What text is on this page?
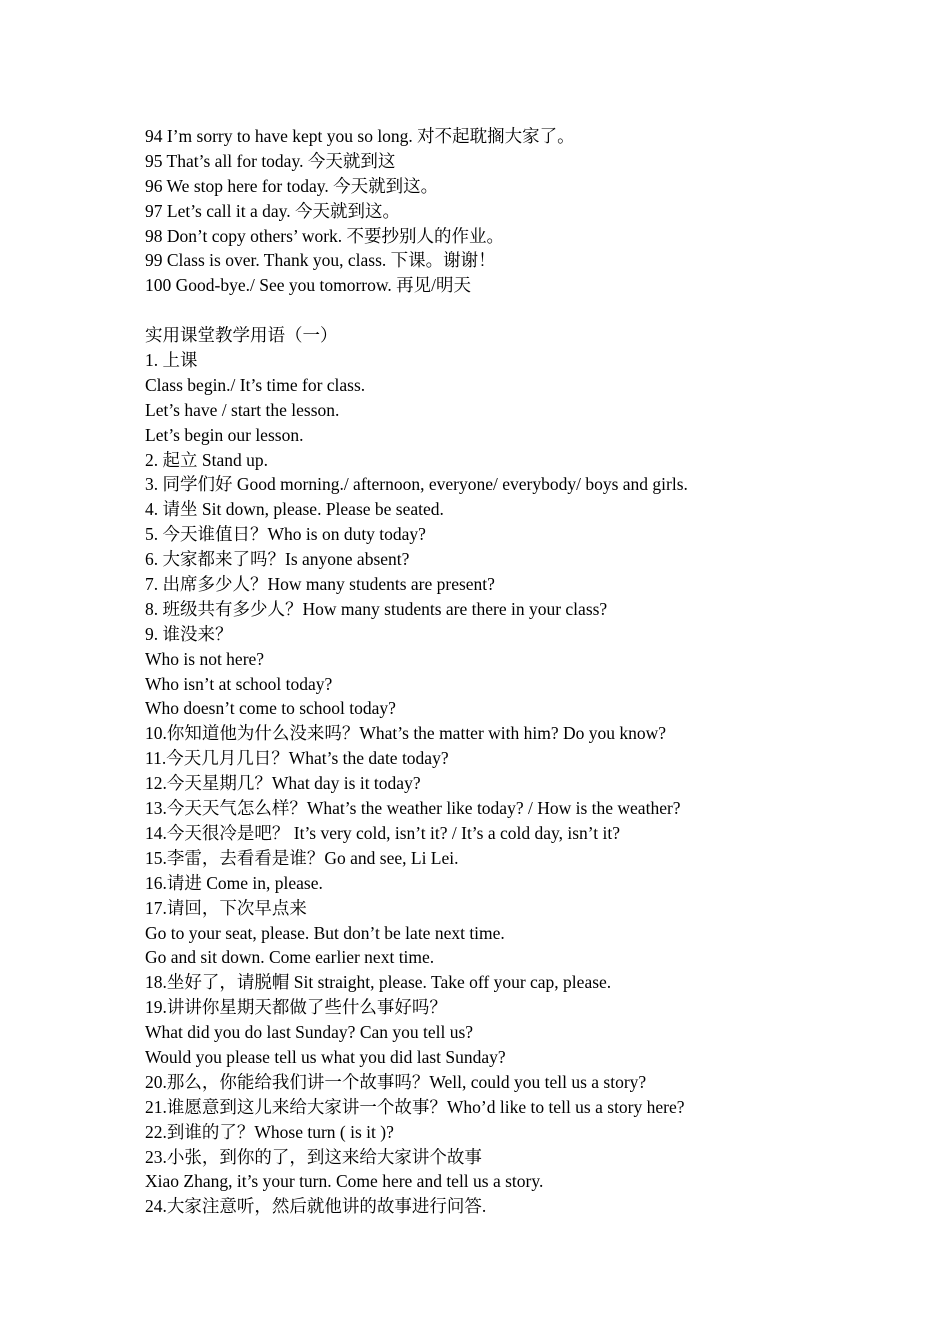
94 I’m sorry to have kept you so long. 对不起耽搁大家了。
95 That’s all for today. 今天就到这
96 We stop here for today. 今天就到这。
97 Let’s call it a day. 今天就到这。
98 Don’t copy others’ work. 不要抄别人的作业。
99 Class is over. Thank you, class. 下课。谢谢！
100 Good-bye./ See you tomorrow. 再见/明天
实用课堂教学用语（一）
1. 上课
Class begin./ It’s time for class.
Let’s have / start the lesson.
Let’s begin our lesson.
2. 起立 Stand up.
3. 同学们好 Good morning./ afternoon, everyone/ everybody/ boys and girls.
4. 请坐 Sit down, please. Please be seated.
5. 今天谁值日？Who is on duty today?
6. 大家都来了吗？Is anyone absent?
7. 出席多少人？How many students are present?
8. 班级共有多少人？How many students are there in your class?
9. 谁没来？
Who is not here?
Who isn’t at school today?
Who doesn’t come to school today?
10.你知道他为什么没来吗？What’s the matter with him? Do you know?
11.今天几月几日？What’s the date today?
12.今天星期几？What day is it today?
13.今天天气怎么样？What’s the weather like today? / How is the weather?
14.今天很冷是吧？ It’s very cold, isn’t it? / It’s a cold day, isn’t it?
15.李雷，去看看是谁？Go and see, Li Lei.
16.请进 Come in, please.
17.请回，下次早点来
Go to your seat, please. But don’t be late next time.
Go and sit down. Come earlier next time.
18.坐好了，请脱帽 Sit straight, please. Take off your cap, please.
19.讲讲你星期天都做了些什么事好吗？
What did you do last Sunday? Can you tell us?
Would you please tell us what you did last Sunday?
20.那么，你能给我们讲一个故事吗？Well, could you tell us a story?
21.谁愿意到这儿来给大家讲一个故事？Who’d like to tell us a story here?
22.到谁的了？Whose turn ( is it )?
23.小张，到你的了，到这来给大家讲个故事
Xiao Zhang, it’s your turn. Come here and tell us a story.
24.大家注意听，然后就他讲的故事进行问答.
